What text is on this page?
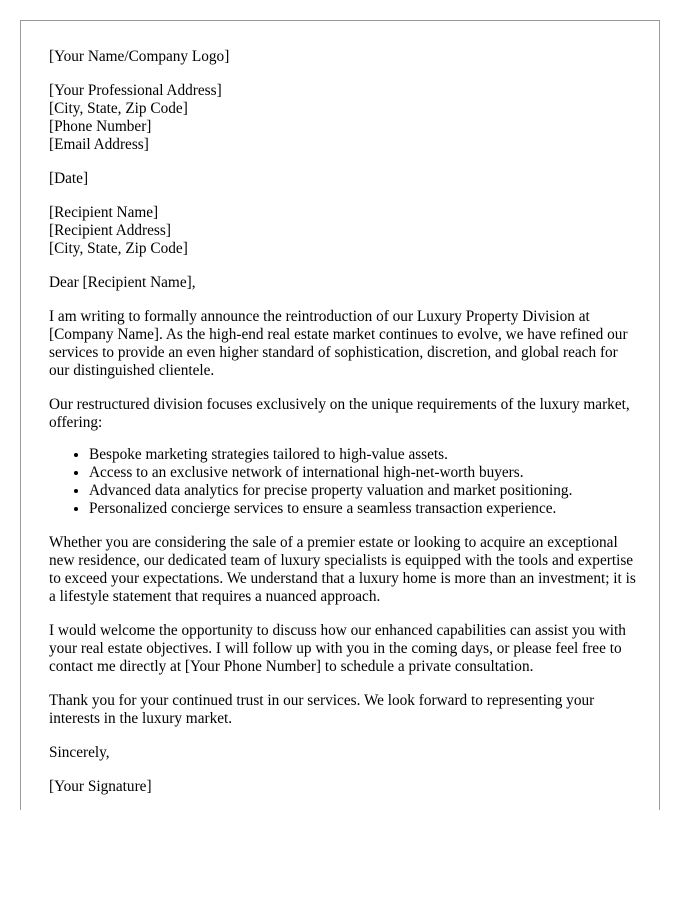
[Your Name/Company Logo]

[Your Professional Address]
[City, State, Zip Code]
[Phone Number]
[Email Address]

[Date]

[Recipient Name]
[Recipient Address]
[City, State, Zip Code]

Dear [Recipient Name],

I am writing to formally announce the reintroduction of our Luxury Property Division at [Company Name]. As the high-end real estate market continues to evolve, we have refined our services to provide an even higher standard of sophistication, discretion, and global reach for our distinguished clientele.

Our restructured division focuses exclusively on the unique requirements of the luxury market, offering:

• Bespoke marketing strategies tailored to high-value assets.
• Access to an exclusive network of international high-net-worth buyers.
• Advanced data analytics for precise property valuation and market positioning.
• Personalized concierge services to ensure a seamless transaction experience.

Whether you are considering the sale of a premier estate or looking to acquire an exceptional new residence, our dedicated team of luxury specialists is equipped with the tools and expertise to exceed your expectations. We understand that a luxury home is more than an investment; it is a lifestyle statement that requires a nuanced approach.

I would welcome the opportunity to discuss how our enhanced capabilities can assist you with your real estate objectives. I will follow up with you in the coming days, or please feel free to contact me directly at [Your Phone Number] to schedule a private consultation.

Thank you for your continued trust in our services. We look forward to representing your interests in the luxury market.

Sincerely,

[Your Signature]
